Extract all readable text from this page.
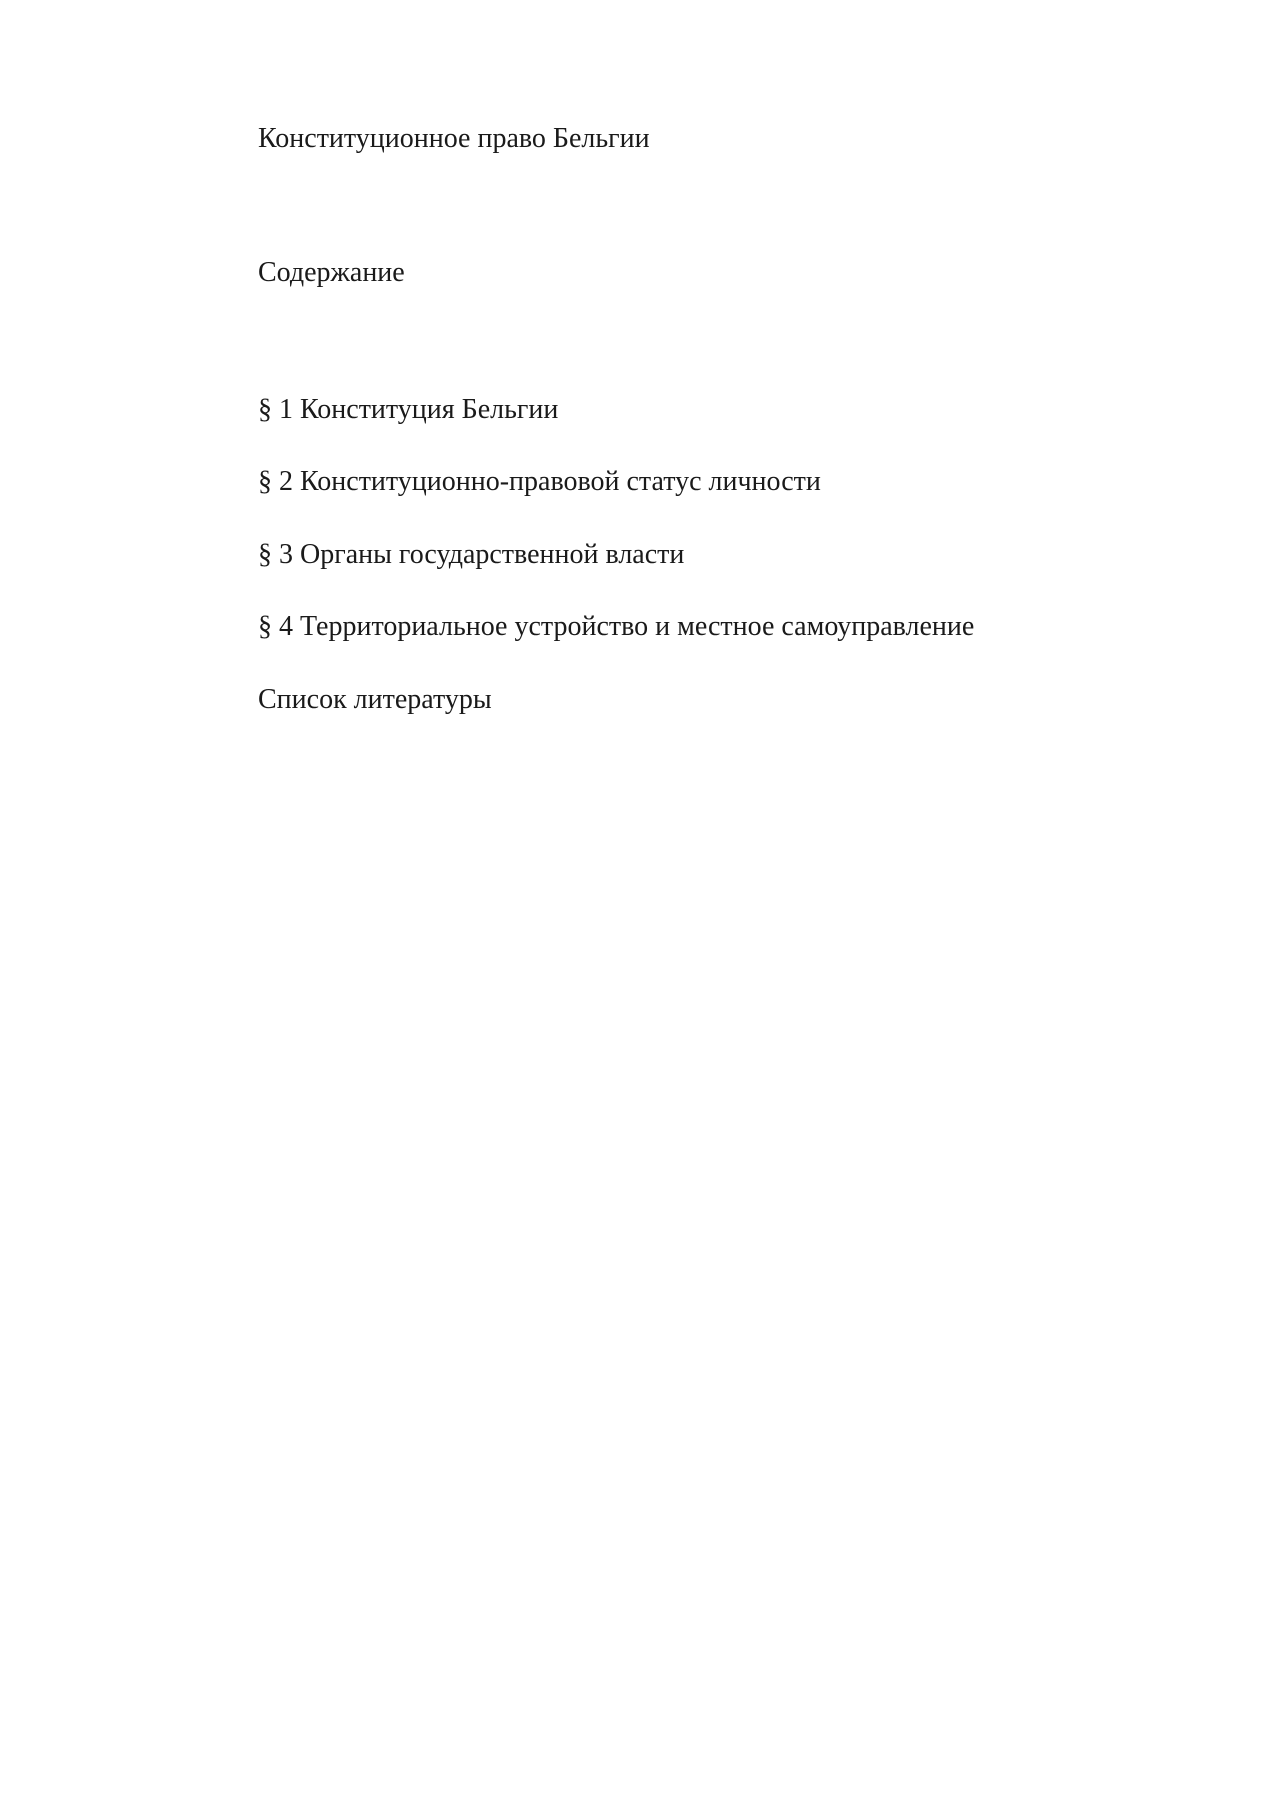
Конституционное право Бельгии
Содержание

§ 1 Конституция Бельгии

§ 2 Конституционно-правовой статус личности

§ 3 Органы государственной власти

§ 4 Территориальное устройство и местное самоуправление

Список литературы
